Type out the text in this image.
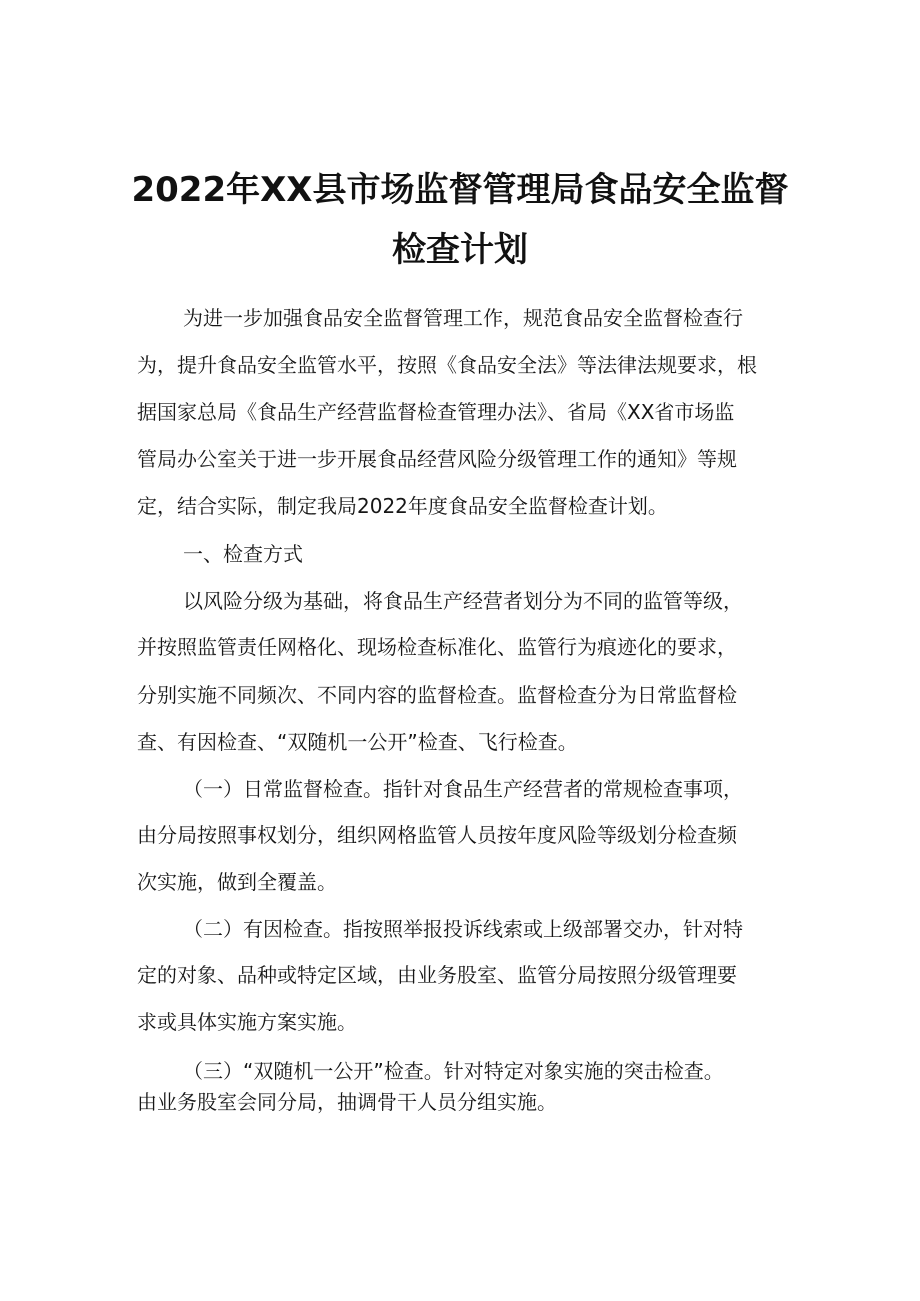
2022年XX县市场监督管理局食品安全监督
检查计划
为进一步加强食品安全监督管理工作，规范食品安全监督检查行
为，提升食品安全监管水平，按照《食品安全法》等法律法规要求，根
据国家总局《食品生产经营监督检查管理办法》、省局《XX省市场监
管局办公室关于进一步开展食品经营风险分级管理工作的通知》等规
定，结合实际，制定我局2022年度食品安全监督检查计划。
一、检查方式
以风险分级为基础，将食品生产经营者划分为不同的监管等级，
并按照监管责任网格化、现场检查标准化、监管行为痕迹化的要求，
分别实施不同频次、不同内容的监督检查。监督检查分为日常监督检
查、有因检查、“双随机一公开”检查、飞行检查。
（一）日常监督检查。指针对食品生产经营者的常规检查事项，
由分局按照事权划分，组织网格监管人员按年度风险等级划分检查频
次实施，做到全覆盖。
（二）有因检查。指按照举报投诉线索或上级部署交办，针对特
定的对象、品种或特定区域，由业务股室、监管分局按照分级管理要
求或具体实施方案实施。
（三）“双随机一公开”检查。针对特定对象实施的突击检查。
由业务股室会同分局，抽调骨干人员分组实施。
